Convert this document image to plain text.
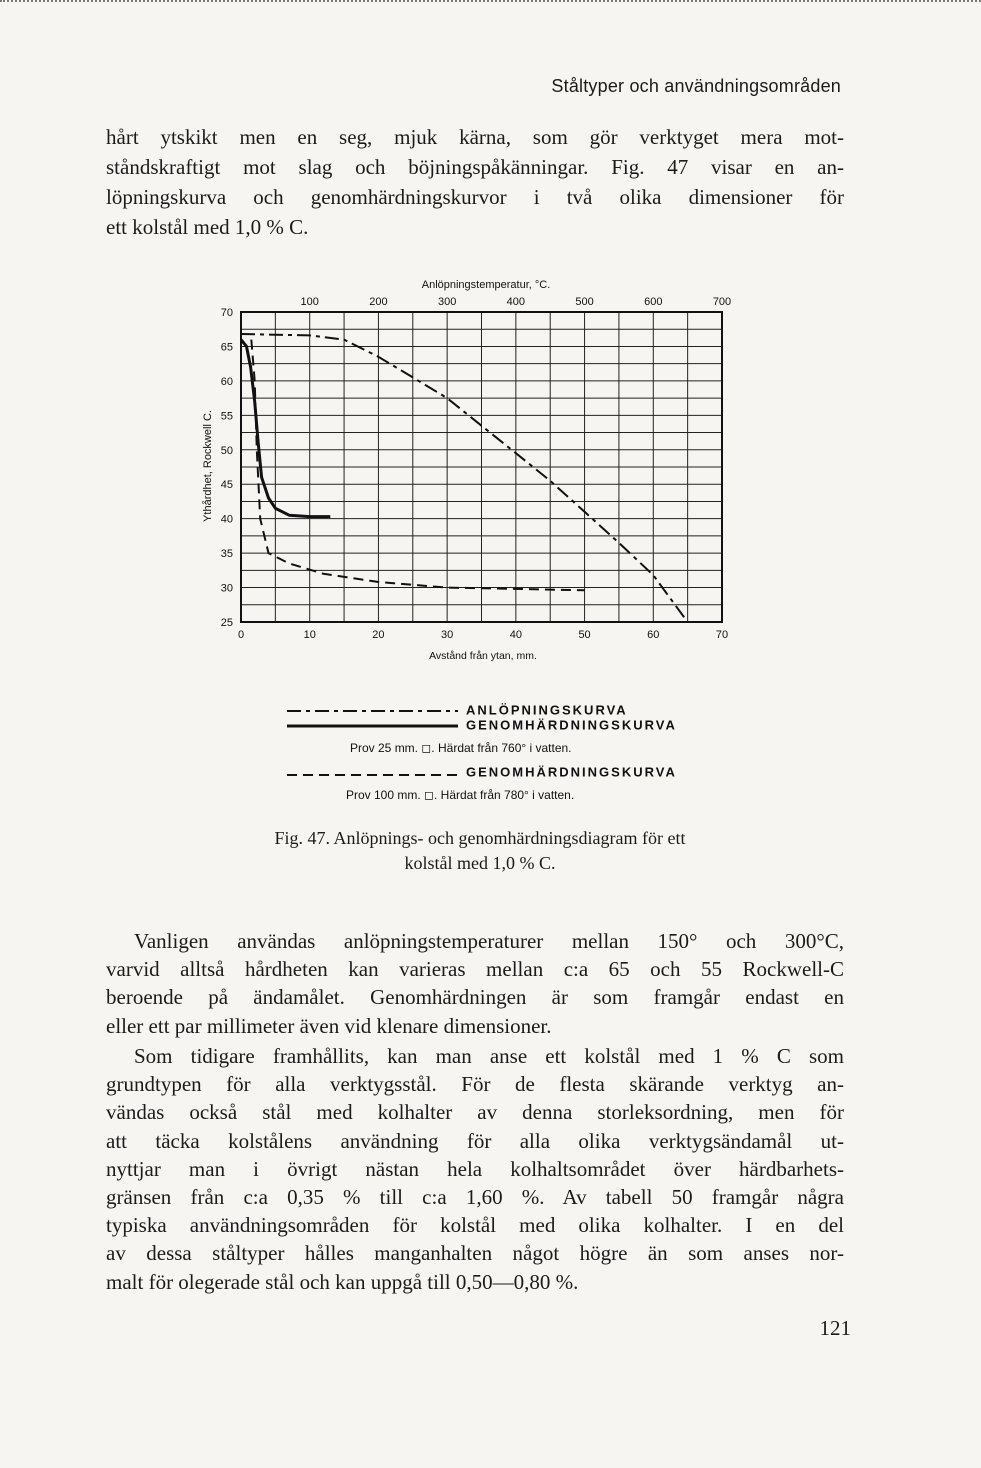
Ståltyper och användningsområden

hårt ytskikt men en seg, mjuk kärna, som gör verktyget mera mot-
ståndskraftigt mot slag och böjningspåkänningar. Fig. 47 visar en an-
löpningskurva och genomhärdningskurvor i två olika dimensioner för
ett kolstål med 1,0 % C.

Anlöpningstemperatur, °C.
100	200	300	400	500	600	700
0	10	20	30	40	50	60	70
70
65
60
55
50
45
40
35
30
25
Avstånd från ytan, mm.
Ythårdhet, Rockwell C.
ANLÖPNINGSKURVA
GENOMHÄRDNINGSKURVA
Prov 25 mm. ◻. Härdat från 760° i vatten.
GENOMHÄRDNINGSKURVA
Prov 100 mm. ◻. Härdat från 780° i vatten.
Fig. 47. Anlöpnings- och genomhärdningsdiagram för ett
kolstål med 1,0 % C.

Vanligen användas anlöpningstemperaturer mellan 150° och 300°C,
varvid alltså hårdheten kan varieras mellan c:a 65 och 55 Rockwell-C
beroende på ändamålet. Genomhärdningen är som framgår endast en
eller ett par millimeter även vid klenare dimensioner.

Som tidigare framhållits, kan man anse ett kolstål med 1 % C som
grundtypen för alla verktygsstål. För de flesta skärande verktyg an-
vändas också stål med kolhalter av denna storleksordning, men för
att täcka kolstålens användning för alla olika verktygsändamål ut-
nyttjar man i övrigt nästan hela kolhaltsområdet över härdbarhets-
gränsen från c:a 0,35 % till c:a 1,60 %. Av tabell 50 framgår några
typiska användningsområden för kolstål med olika kolhalter. I en del
av dessa ståltyper hålles manganhalten något högre än som anses nor-
malt för olegerade stål och kan uppgå till 0,50—0,80 %.

121
